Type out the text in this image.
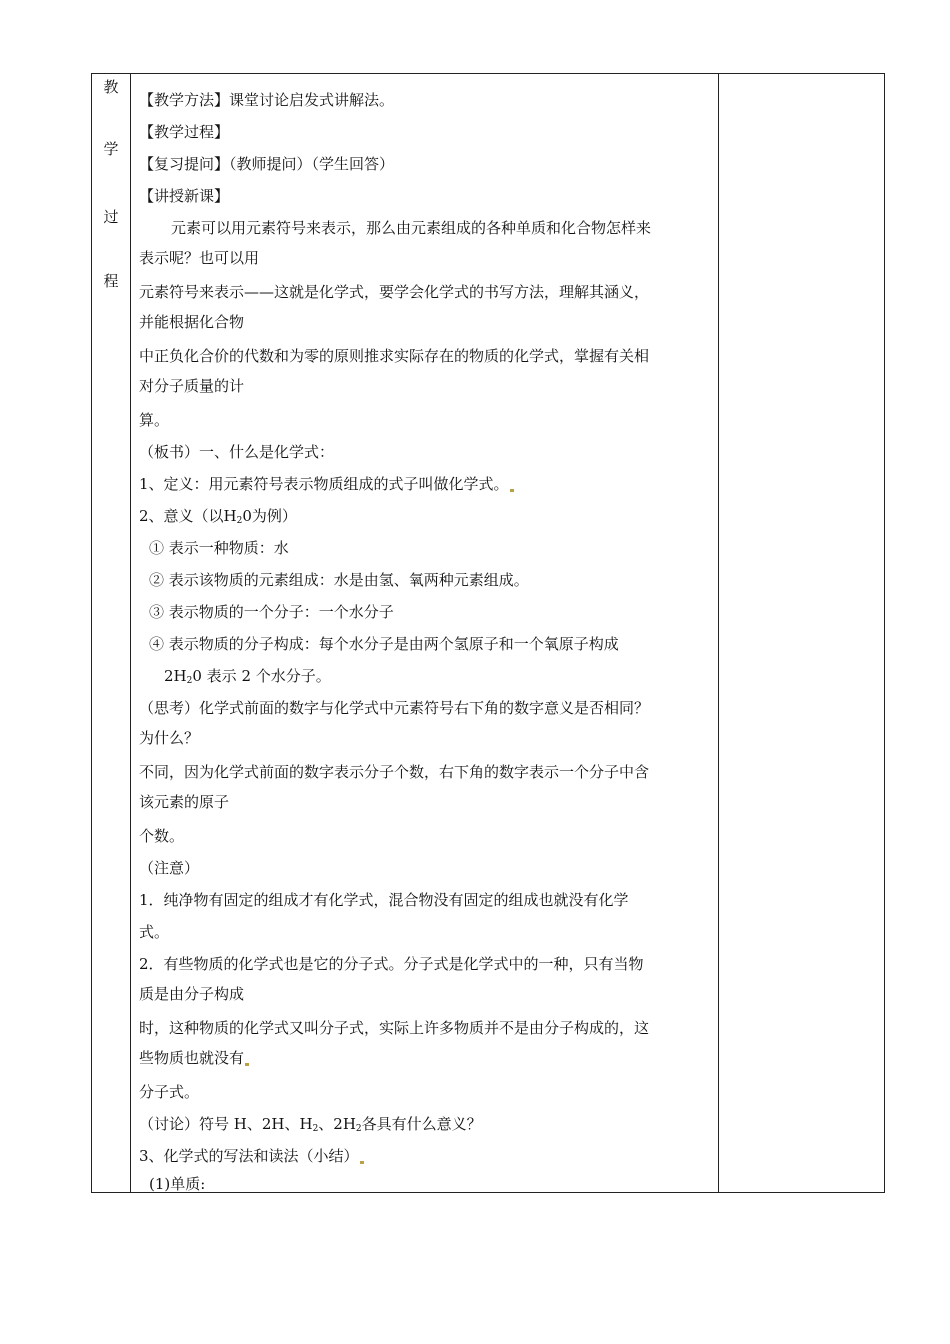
教
学
过
程
【教学方法】课堂讨论启发式讲解法。
【教学过程】
【复习提问】（教师提问）（学生回答）
【讲授新课】
元素可以用元素符号来表示，那么由元素组成的各种单质和化合物怎样来
表示呢？也可以用
元素符号来表示——这就是化学式，要学会化学式的书写方法，理解其涵义，
并能根据化合物
中正负化合价的代数和为零的原则推求实际存在的物质的化学式，掌握有关相
对分子质量的计
算。
（板书）一、什么是化学式：
1、定义：用元素符号表示物质组成的式子叫做化学式。
2、意义（以$H_20$为例）
① 表示一种物质：水
② 表示该物质的元素组成：水是由氢、氧两种元素组成。
③ 表示物质的一个分子：一个水分子
④ 表示物质的分子构成：每个水分子是由两个氢原子和一个氧原子构成
$2H_20$ 表示 2 个水分子。
（思考）化学式前面的数字与化学式中元素符号右下角的数字意义是否相同？
为什么？
不同，因为化学式前面的数字表示分子个数，右下角的数字表示一个分子中含
该元素的原子
个数。
（注意）
1．纯净物有固定的组成才有化学式，混合物没有固定的组成也就没有化学
式。
2．有些物质的化学式也是它的分子式。分子式是化学式中的一种，只有当物
质是由分子构成
时，这种物质的化学式又叫分子式，实际上许多物质并不是由分子构成的，这
些物质也就没有
分子式。
（讨论）符号 H、2H、$H_2$、$2H_2$各具有什么意义？
3、化学式的写法和读法（小结）
(1)单质:
